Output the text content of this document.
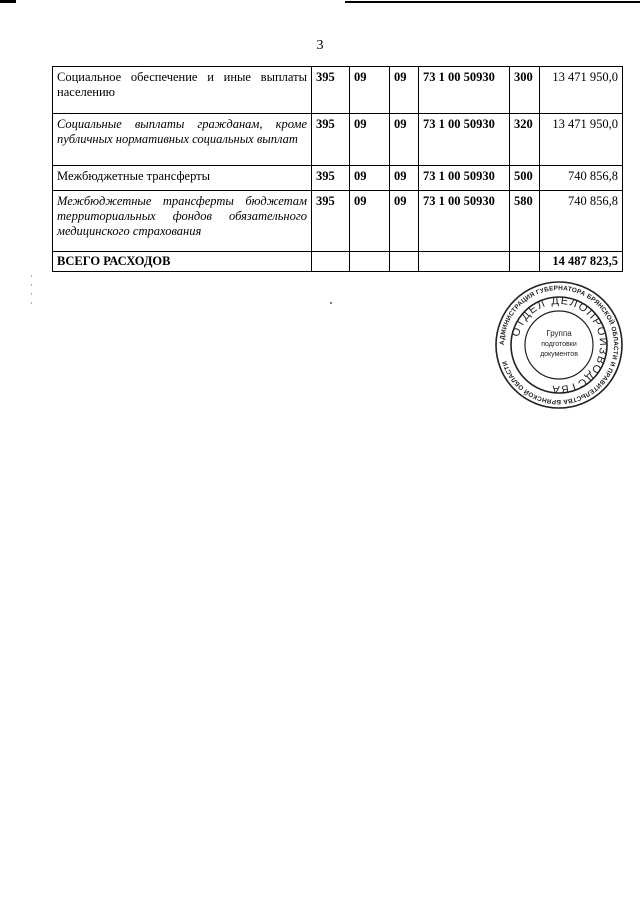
3
Социальное обеспечение и иные выплаты населению	395	09	09	73 1 00 50930	300	13 471 950,0
Социальные выплаты гражданам, кроме публичных нормативных социальных выплат	395	09	09	73 1 00 50930	320	13 471 950,0
Межбюджетные трансферты	395	09	09	73 1 00 50930	500	740 856,8
Межбюджетные трансферты бюджетам территориальных фондов обязательного медицинского страхования	395	09	09	73 1 00 50930	580	740 856,8
ВСЕГО РАСХОДОВ						14 487 823,5
·
·
·
·
АДМИНИСТРАЦИЯ ГУБЕРНАТОРА БРЯНСКОЙ ОБЛАСТИ И ПРАВИТЕЛЬСТВА БРЯНСКОЙ ОБЛАСТИ
ОТДЕЛ ДЕЛОПРОИЗВОДСТВА
Группа
подготовки
документов
